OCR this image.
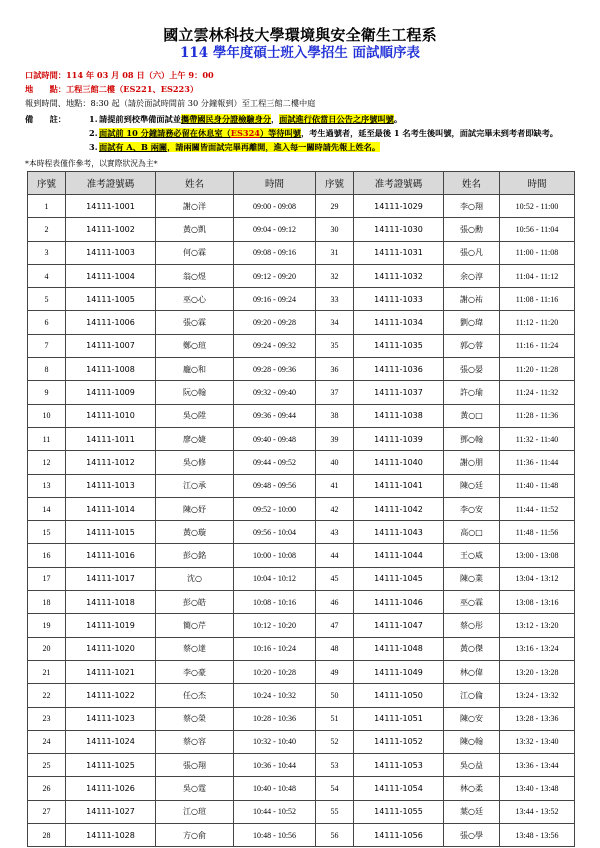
國立雲林科技大學環境與安全衛生工程系
114 學年度碩士班入學招生 面試順序表
口試時間：114 年 03 月 08 日（六）上午 9：00
地　　點：工程三館二樓（ES221、ES223）
報到時間、地點：8:30 起（請於面試時間前 30 分鐘報到）至工程三館二樓中庭
備　　註：	1.請提前到校準備面試並攜帶國民身分證檢驗身分，面試進行依當日公告之序號叫號。
2.面試前 10 分鐘請務必留在休息室（ES324）等待叫號，考生過號者，延至最後 1 名考生後叫號，面試完畢未到考者即缺考。
3.面試有 A、B 兩關，請兩關皆面試完畢再離開，進入每一關時請先報上姓名。
*本時程表僅作參考，以實際狀況為主*
序號	准考證號碼	姓名	時間	序號	准考證號碼	姓名	時間
1	14111-1001	謝○洋	09:00 - 09:08	29	14111-1029	李○翔	10:52 - 11:00
2	14111-1002	黃○凱	09:04 - 09:12	30	14111-1030	張○勳	10:56 - 11:04
3	14111-1003	何○霖	09:08 - 09:16	31	14111-1031	張○凡	11:00 - 11:08
4	14111-1004	翁○煜	09:12 - 09:20	32	14111-1032	余○淳	11:04 - 11:12
5	14111-1005	巫○心	09:16 - 09:24	33	14111-1033	謝○祐	11:08 - 11:16
6	14111-1006	張○霖	09:20 - 09:28	34	14111-1034	劉○瑋	11:12 - 11:20
7	14111-1007	鄭○瑄	09:24 - 09:32	35	14111-1035	郭○蓉	11:16 - 11:24
8	14111-1008	龐○和	09:28 - 09:36	36	14111-1036	張○晏	11:20 - 11:28
9	14111-1009	阮○翰	09:32 - 09:40	37	14111-1037	許○瑜	11:24 - 11:32
10	14111-1010	吳○陞	09:36 - 09:44	38	14111-1038	黃○□	11:28 - 11:36
11	14111-1011	廖○婕	09:40 - 09:48	39	14111-1039	鄧○翰	11:32 - 11:40
12	14111-1012	吳○修	09:44 - 09:52	40	14111-1040	謝○朋	11:36 - 11:44
13	14111-1013	江○承	09:48 - 09:56	41	14111-1041	陳○廷	11:40 - 11:48
14	14111-1014	陳○妤	09:52 - 10:00	42	14111-1042	李○安	11:44 - 11:52
15	14111-1015	黃○璇	09:56 - 10:04	43	14111-1043	高○□	11:48 - 11:56
16	14111-1016	彭○銘	10:00 - 10:08	44	14111-1044	王○威	13:00 - 13:08
17	14111-1017	沈○	10:04 - 10:12	45	14111-1045	陳○業	13:04 - 13:12
18	14111-1018	彭○皓	10:08 - 10:16	46	14111-1046	巫○霖	13:08 - 13:16
19	14111-1019	簡○芹	10:12 - 10:20	47	14111-1047	蔡○彤	13:12 - 13:20
20	14111-1020	蔡○達	10:16 - 10:24	48	14111-1048	黃○傑	13:16 - 13:24
21	14111-1021	李○豪	10:20 - 10:28	49	14111-1049	林○偉	13:20 - 13:28
22	14111-1022	任○杰	10:24 - 10:32	50	14111-1050	江○倫	13:24 - 13:32
23	14111-1023	蔡○榮	10:28 - 10:36	51	14111-1051	陳○安	13:28 - 13:36
24	14111-1024	蔡○容	10:32 - 10:40	52	14111-1052	陳○翰	13:32 - 13:40
25	14111-1025	張○翔	10:36 - 10:44	53	14111-1053	吳○益	13:36 - 13:44
26	14111-1026	吳○霆	10:40 - 10:48	54	14111-1054	林○柔	13:40 - 13:48
27	14111-1027	江○瑄	10:44 - 10:52	55	14111-1055	葉○廷	13:44 - 13:52
28	14111-1028	方○俞	10:48 - 10:56	56	14111-1056	張○學	13:48 - 13:56
